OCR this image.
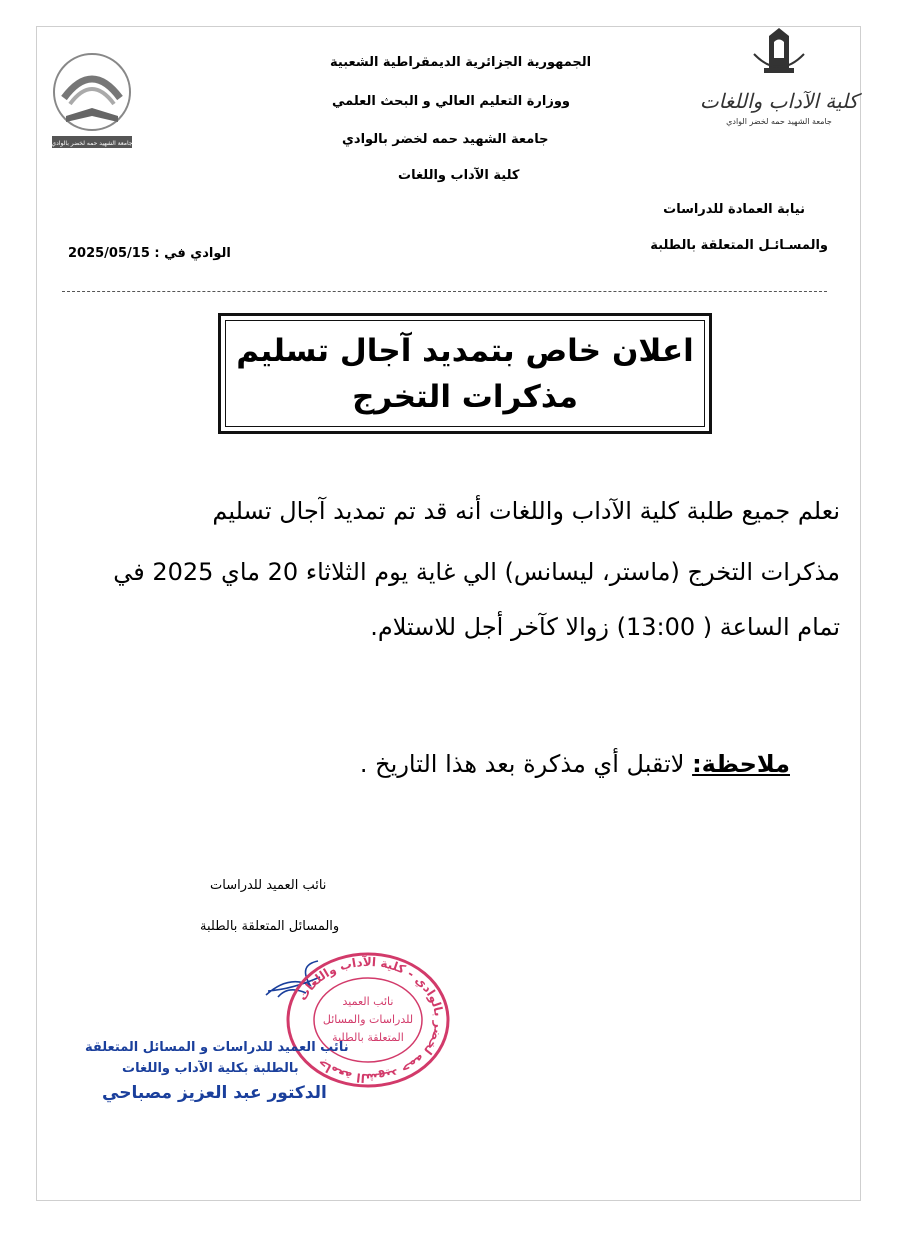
جامعة الشهيد حمه لخضر بالوادي
كلية الآداب واللغات
جامعة الشهيد حمه لخضر الوادي
الجمهورية الجزائرية الديمقراطية الشعبية
ووزارة التعليم العالي و البحث العلمي
جامعة الشهيد حمه لخضر بالوادي
كلية الآداب واللغات
نيابة العمادة للدراسات
والمسـائـل المتعلقة بالطلبة
الوادي في : 2025/05/15
اعلان خاص بتمديد آجال تسليم
مذكرات التخرج
نعلم جميع طلبة كلية الآداب واللغات أنه قد تم تمديد آجال تسليم
مذكرات التخرج (ماستر، ليسانس) الي غاية يوم الثلاثاء 20 ماي 2025 في
تمام الساعة ( 13:00) زوالا كآخر أجل للاستلام.
ملاحظة: لاتقبل أي مذكرة بعد هذا التاريخ .
نائب العميد للدراسات
والمسائل المتعلقة بالطلبة
جامعة الشهيد حمه لخضر بالوادي - كلية الآداب واللغات
نائب العميد
للدراسات والمسائل
المتعلقة بالطلبة
نائب العميد للدراسات و المسائل المتعلقة
بالطلبة بكلية الآداب واللغات
الدكتور عبد العزيز مصباحي
